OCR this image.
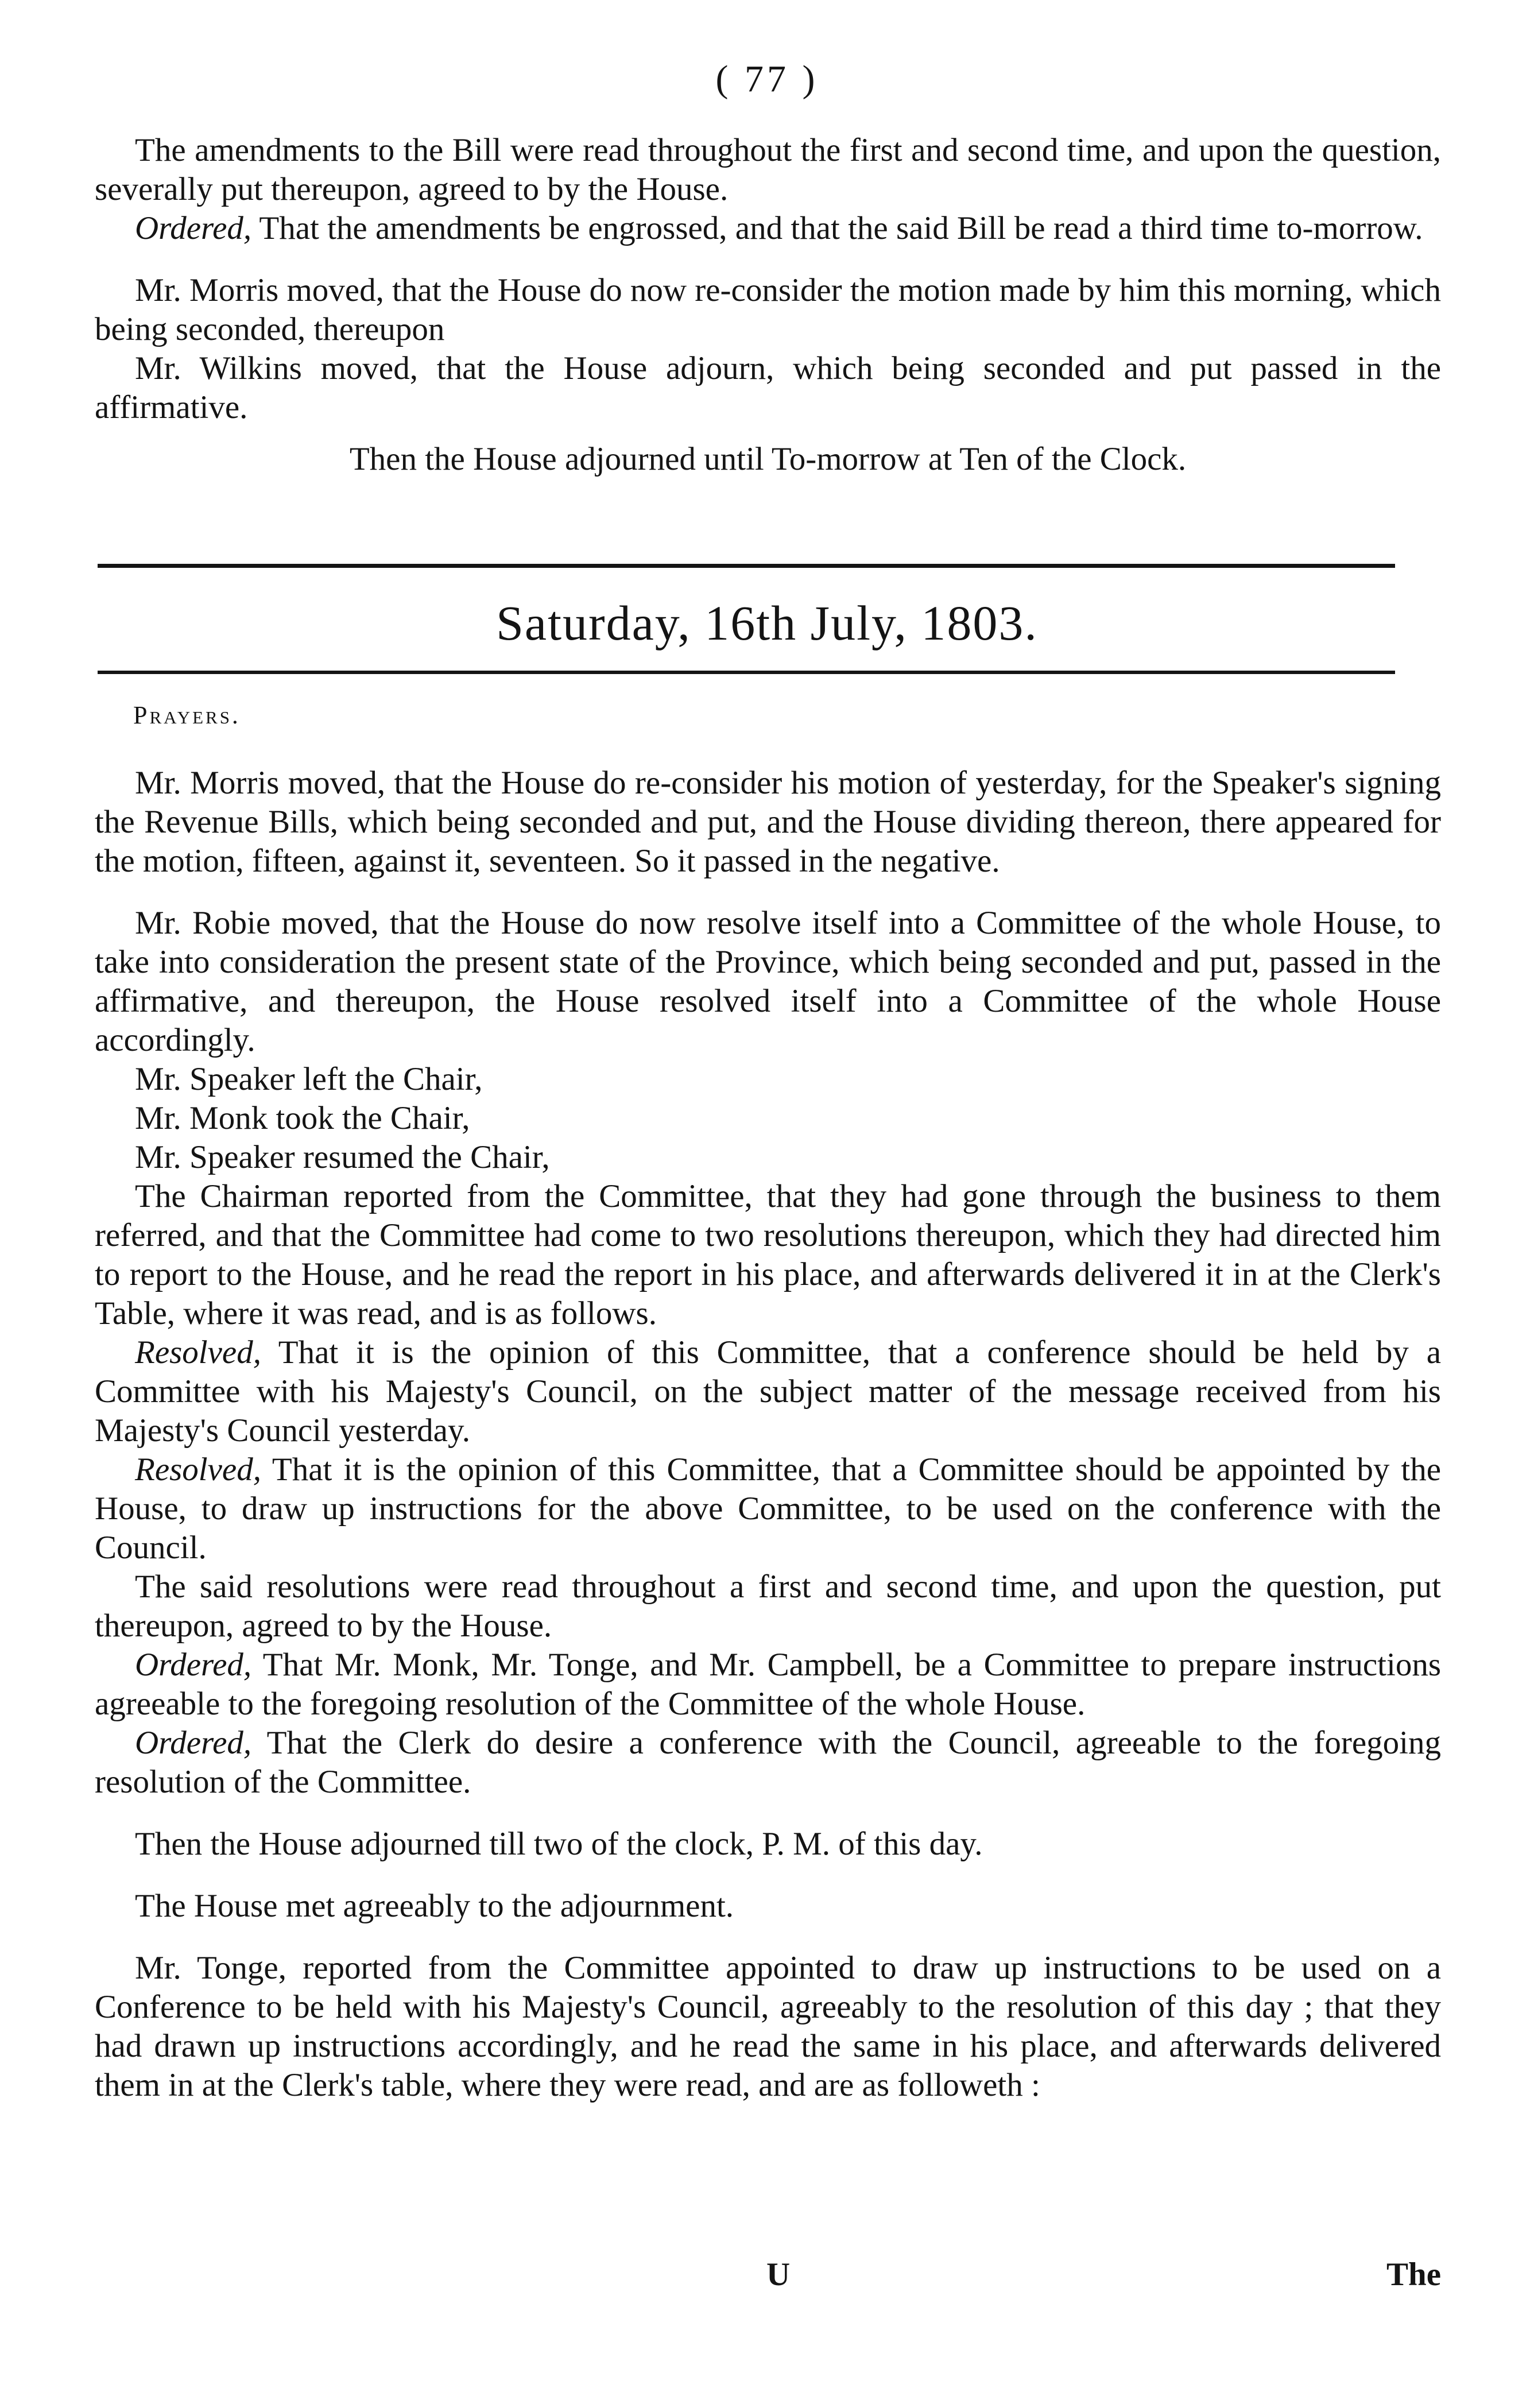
( 77 )

The amendments to the Bill were read throughout the first and second time, and upon the question, severally put thereupon, agreed to by the House.

Ordered, That the amendments be engrossed, and that the said Bill be read a third time to-morrow.

Mr. Morris moved, that the House do now re-consider the motion made by him this morning, which being seconded, thereupon

Mr. Wilkins moved, that the House adjourn, which being seconded and put passed in the affirmative.

Then the House adjourned until To-morrow at Ten of the Clock.

Saturday, 16th July, 1803.
Prayers.

Mr. Morris moved, that the House do re-consider his motion of yesterday, for the Speaker's signing the Revenue Bills, which being seconded and put, and the House dividing thereon, there appeared for the motion, fifteen, against it, seventeen. So it passed in the negative.

Mr. Robie moved, that the House do now resolve itself into a Committee of the whole House, to take into consideration the present state of the Province, which being seconded and put, passed in the affirmative, and thereupon, the House resolved itself into a Committee of the whole House accordingly.

Mr. Speaker left the Chair,

Mr. Monk took the Chair,

Mr. Speaker resumed the Chair,

The Chairman reported from the Committee, that they had gone through the business to them referred, and that the Committee had come to two resolutions thereupon, which they had directed him to report to the House, and he read the report in his place, and afterwards delivered it in at the Clerk's Table, where it was read, and is as follows.

Resolved, That it is the opinion of this Committee, that a conference should be held by a Committee with his Majesty's Council, on the subject matter of the message received from his Majesty's Council yesterday.

Resolved, That it is the opinion of this Committee, that a Committee should be appointed by the House, to draw up instructions for the above Committee, to be used on the conference with the Council.

The said resolutions were read throughout a first and second time, and upon the question, put thereupon, agreed to by the House.

Ordered, That Mr. Monk, Mr. Tonge, and Mr. Campbell, be a Committee to prepare instructions agreeable to the foregoing resolution of the Committee of the whole House.

Ordered, That the Clerk do desire a conference with the Council, agreeable to the foregoing resolution of the Committee.

Then the House adjourned till two of the clock, P. M. of this day.

The House met agreeably to the adjournment.

Mr. Tonge, reported from the Committee appointed to draw up instructions to be used on a Conference to be held with his Majesty's Council, agreeably to the resolution of this day ; that they had drawn up instructions accordingly, and he read the same in his place, and afterwards delivered them in at the Clerk's table, where they were read, and are as followeth :

U	The
